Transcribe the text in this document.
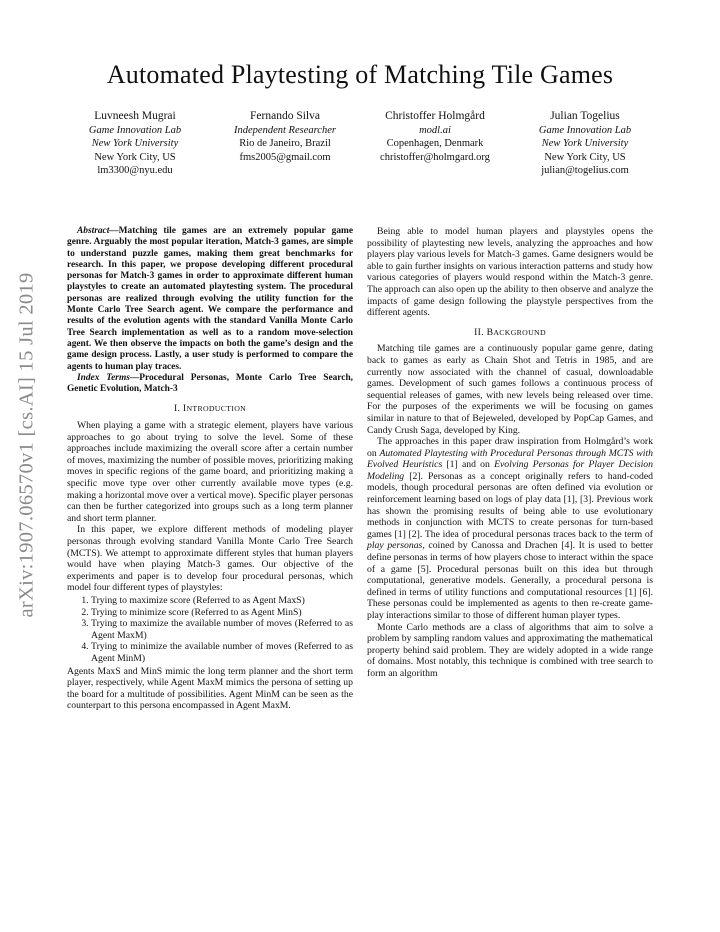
Automated Playtesting of Matching Tile Games
Luvneesh Mugrai
Game Innovation Lab
New York University
New York City, US
lm3300@nyu.edu
Fernando Silva
Independent Researcher
Rio de Janeiro, Brazil
fms2005@gmail.com
Christoffer Holmgård
modl.ai
Copenhagen, Denmark
christoffer@holmgard.org
Julian Togelius
Game Innovation Lab
New York University
New York City, US
julian@togelius.com
arXiv:1907.06570v1 [cs.AI] 15 Jul 2019

Abstract—Matching tile games are an extremely popular game genre. Arguably the most popular iteration, Match-3 games, are simple to understand puzzle games, making them great benchmarks for research. In this paper, we propose developing different procedural personas for Match-3 games in order to approximate different human playstyles to create an automated playtesting system. The procedural personas are realized through evolving the utility function for the Monte Carlo Tree Search agent. We compare the performance and results of the evolution agents with the standard Vanilla Monte Carlo Tree Search implementation as well as to a random move-selection agent. We then observe the impacts on both the game’s design and the game design process. Lastly, a user study is performed to compare the agents to human play traces.

Index Terms—Procedural Personas, Monte Carlo Tree Search, Genetic Evolution, Match-3

I. INTRODUCTION

When playing a game with a strategic element, players have various approaches to go about trying to solve the level. Some of these approaches include maximizing the overall score after a certain number of moves, maximizing the number of possible moves, prioritizing making moves in specific regions of the game board, and prioritizing making a specific move type over other currently available move types (e.g. making a horizontal move over a vertical move). Specific player personas can then be further categorized into groups such as a long term planner and short term planner.

In this paper, we explore different methods of modeling player personas through evolving standard Vanilla Monte Carlo Tree Search (MCTS). We attempt to approximate different styles that human players would have when playing Match-3 games. Our objective of the experiments and paper is to develop four procedural personas, which model four different types of playstyles:

1. Trying to maximize score (Referred to as Agent MaxS)
2. Trying to minimize score (Referred to as Agent MinS)
3. Trying to maximize the available number of moves (Referred to as Agent MaxM)
4. Trying to minimize the available number of moves (Referred to as Agent MinM)

Agents MaxS and MinS mimic the long term planner and the short term player, respectively, while Agent MaxM mimics the persona of setting up the board for a multitude of possibilities. Agent MinM can be seen as the counterpart to this persona encompassed in Agent MaxM.

Being able to model human players and playstyles opens the possibility of playtesting new levels, analyzing the approaches and how players play various levels for Match-3 games. Game designers would be able to gain further insights on various interaction patterns and study how various categories of players would respond within the Match-3 genre. The approach can also open up the ability to then observe and analyze the impacts of game design following the playstyle perspectives from the different agents.

II. BACKGROUND

Matching tile games are a continuously popular game genre, dating back to games as early as Chain Shot and Tetris in 1985, and are currently now associated with the channel of casual, downloadable games. Development of such games follows a continuous process of sequential releases of games, with new levels being released over time. For the purposes of the experiments we will be focusing on games similar in nature to that of Bejeweled, developed by PopCap Games, and Candy Crush Saga, developed by King.

The approaches in this paper draw inspiration from Holmgård’s work on Automated Playtesting with Procedural Personas through MCTS with Evolved Heuristics [1] and on Evolving Personas for Player Decision Modeling [2]. Personas as a concept originally refers to hand-coded models, though procedural personas are often defined via evolution or reinforcement learning based on logs of play data [1], [3]. Previous work has shown the promising results of being able to use evolutionary methods in conjunction with MCTS to create personas for turn-based games [1] [2]. The idea of procedural personas traces back to the term of play personas, coined by Canossa and Drachen [4]. It is used to better define personas in terms of how players chose to interact within the space of a game [5]. Procedural personas built on this idea but through computational, generative models. Generally, a procedural persona is defined in terms of utility functions and computational resources [1] [6]. These personas could be implemented as agents to then re-create game-play interactions similar to those of different human player types.

Monte Carlo methods are a class of algorithms that aim to solve a problem by sampling random values and approximating the mathematical property behind said problem. They are widely adopted in a wide range of domains. Most notably, this technique is combined with tree search to form an algorithm
